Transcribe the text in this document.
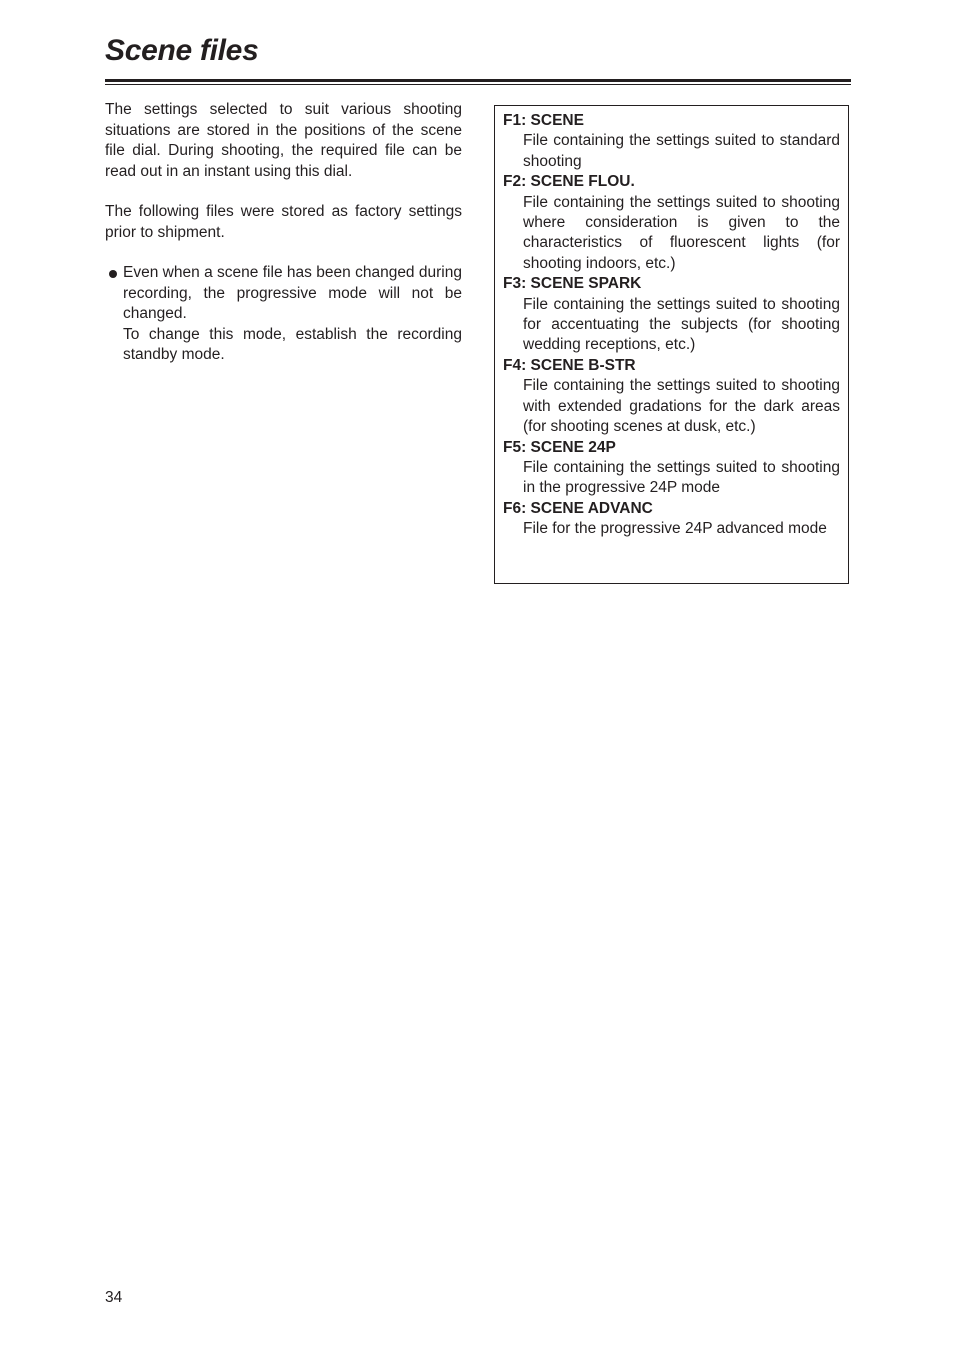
Scene files

The settings selected to suit various shooting situations are stored in the positions of the scene file dial. During shooting, the required file can be read out in an instant using this dial.

The following files were stored as factory settings prior to shipment.

Even when a scene file has been changed during recording, the progressive mode will not be changed.

To change this mode, establish the recording standby mode.

F1: SCENE
File containing the settings suited to standard shooting
F2: SCENE FLOU.
File containing the settings suited to shooting where consideration is given to the characteristics of fluorescent lights (for shooting indoors, etc.)
F3: SCENE SPARK
File containing the settings suited to shooting for accentuating the subjects (for shooting wedding receptions, etc.)
F4: SCENE B-STR
File containing the settings suited to shooting with extended gradations for the dark areas (for shooting scenes at dusk, etc.)
F5: SCENE 24P
File containing the settings suited to shooting in the progressive 24P mode
F6: SCENE ADVANC
File for the progressive 24P advanced mode
34
